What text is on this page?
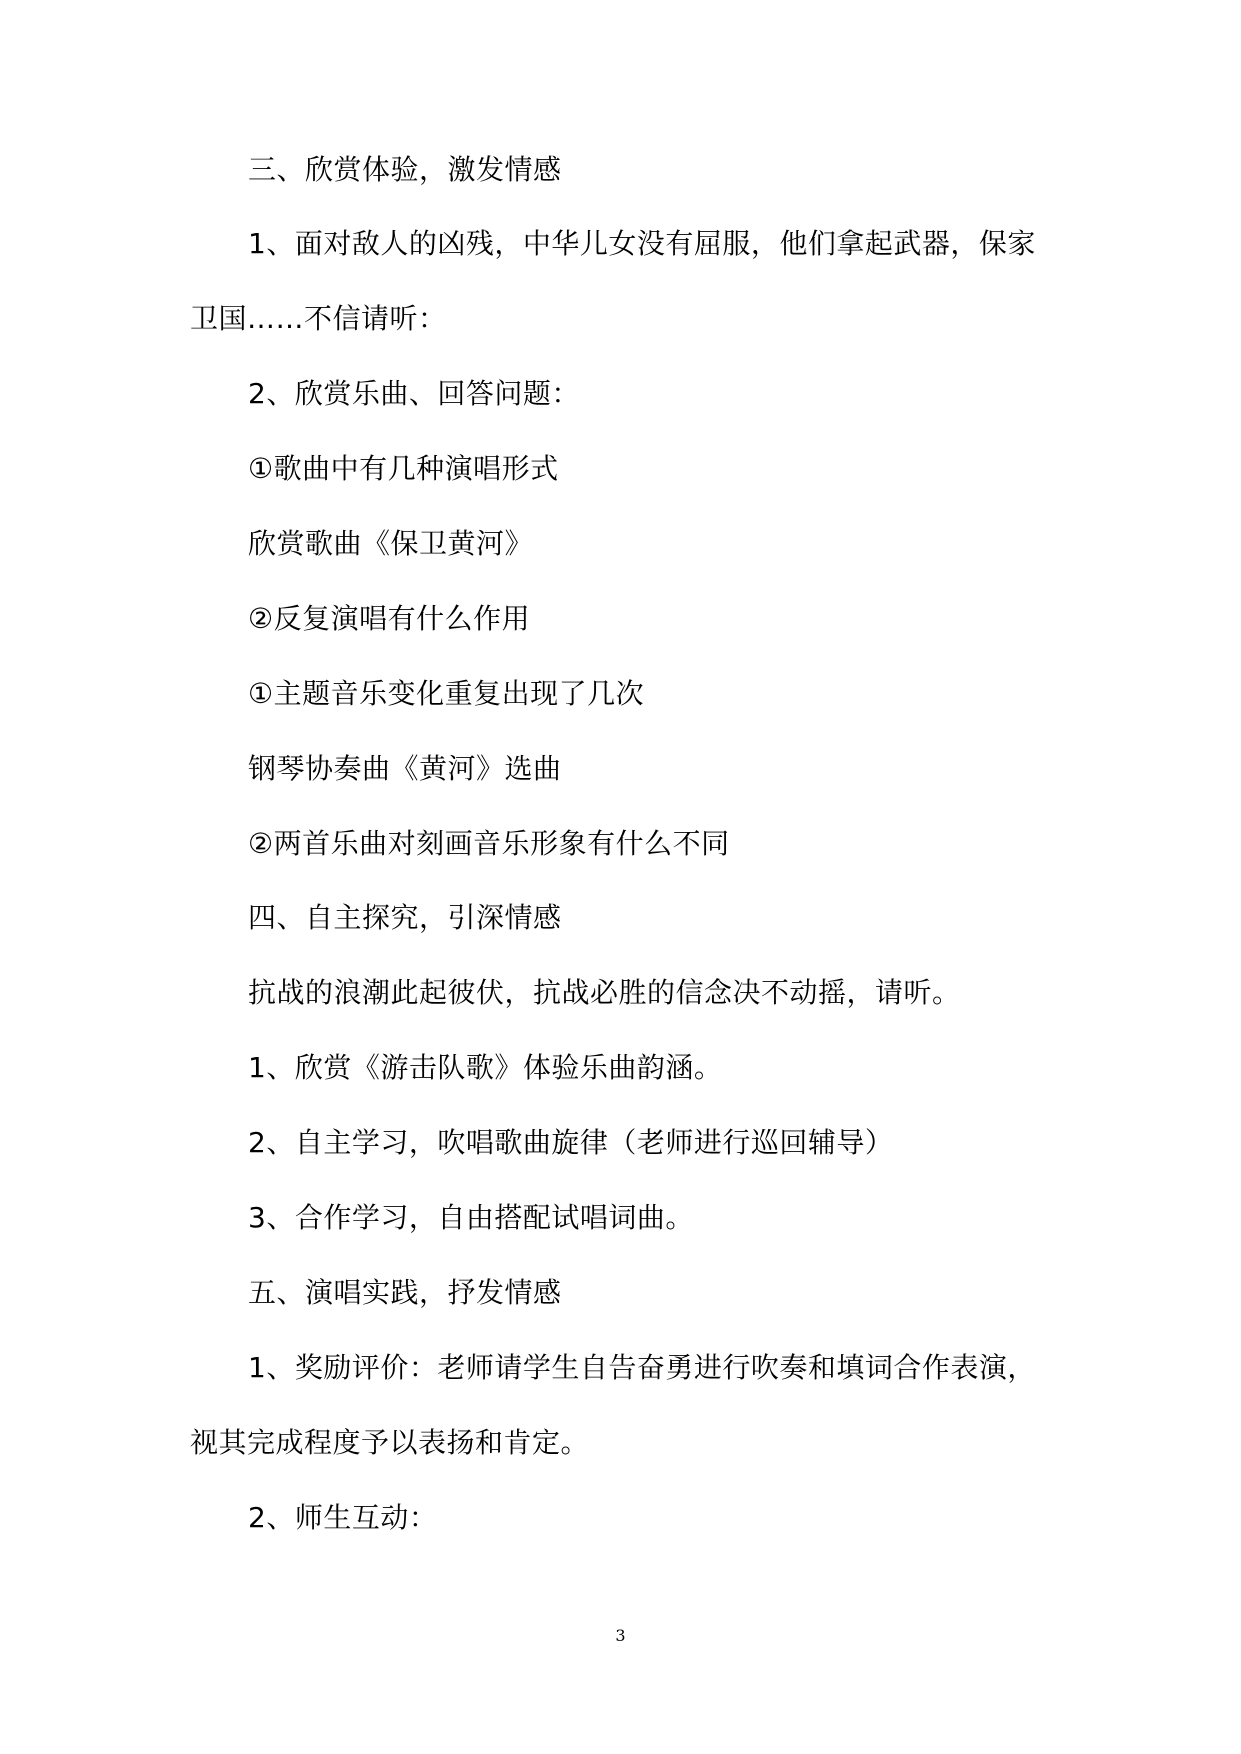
三、欣赏体验，激发情感
1、面对敌人的凶残，中华儿女没有屈服，他们拿起武器，保家
卫国……不信请听：
2、欣赏乐曲、回答问题：
①歌曲中有几种演唱形式
欣赏歌曲《保卫黄河》
②反复演唱有什么作用
①主题音乐变化重复出现了几次
钢琴协奏曲《黄河》选曲
②两首乐曲对刻画音乐形象有什么不同
四、自主探究，引深情感
抗战的浪潮此起彼伏，抗战必胜的信念决不动摇，请听。
1、欣赏《游击队歌》体验乐曲韵涵。
2、自主学习，吹唱歌曲旋律（老师进行巡回辅导）
3、合作学习，自由搭配试唱词曲。
五、演唱实践，抒发情感
1、奖励评价：老师请学生自告奋勇进行吹奏和填词合作表演，
视其完成程度予以表扬和肯定。
2、师生互动：
3
